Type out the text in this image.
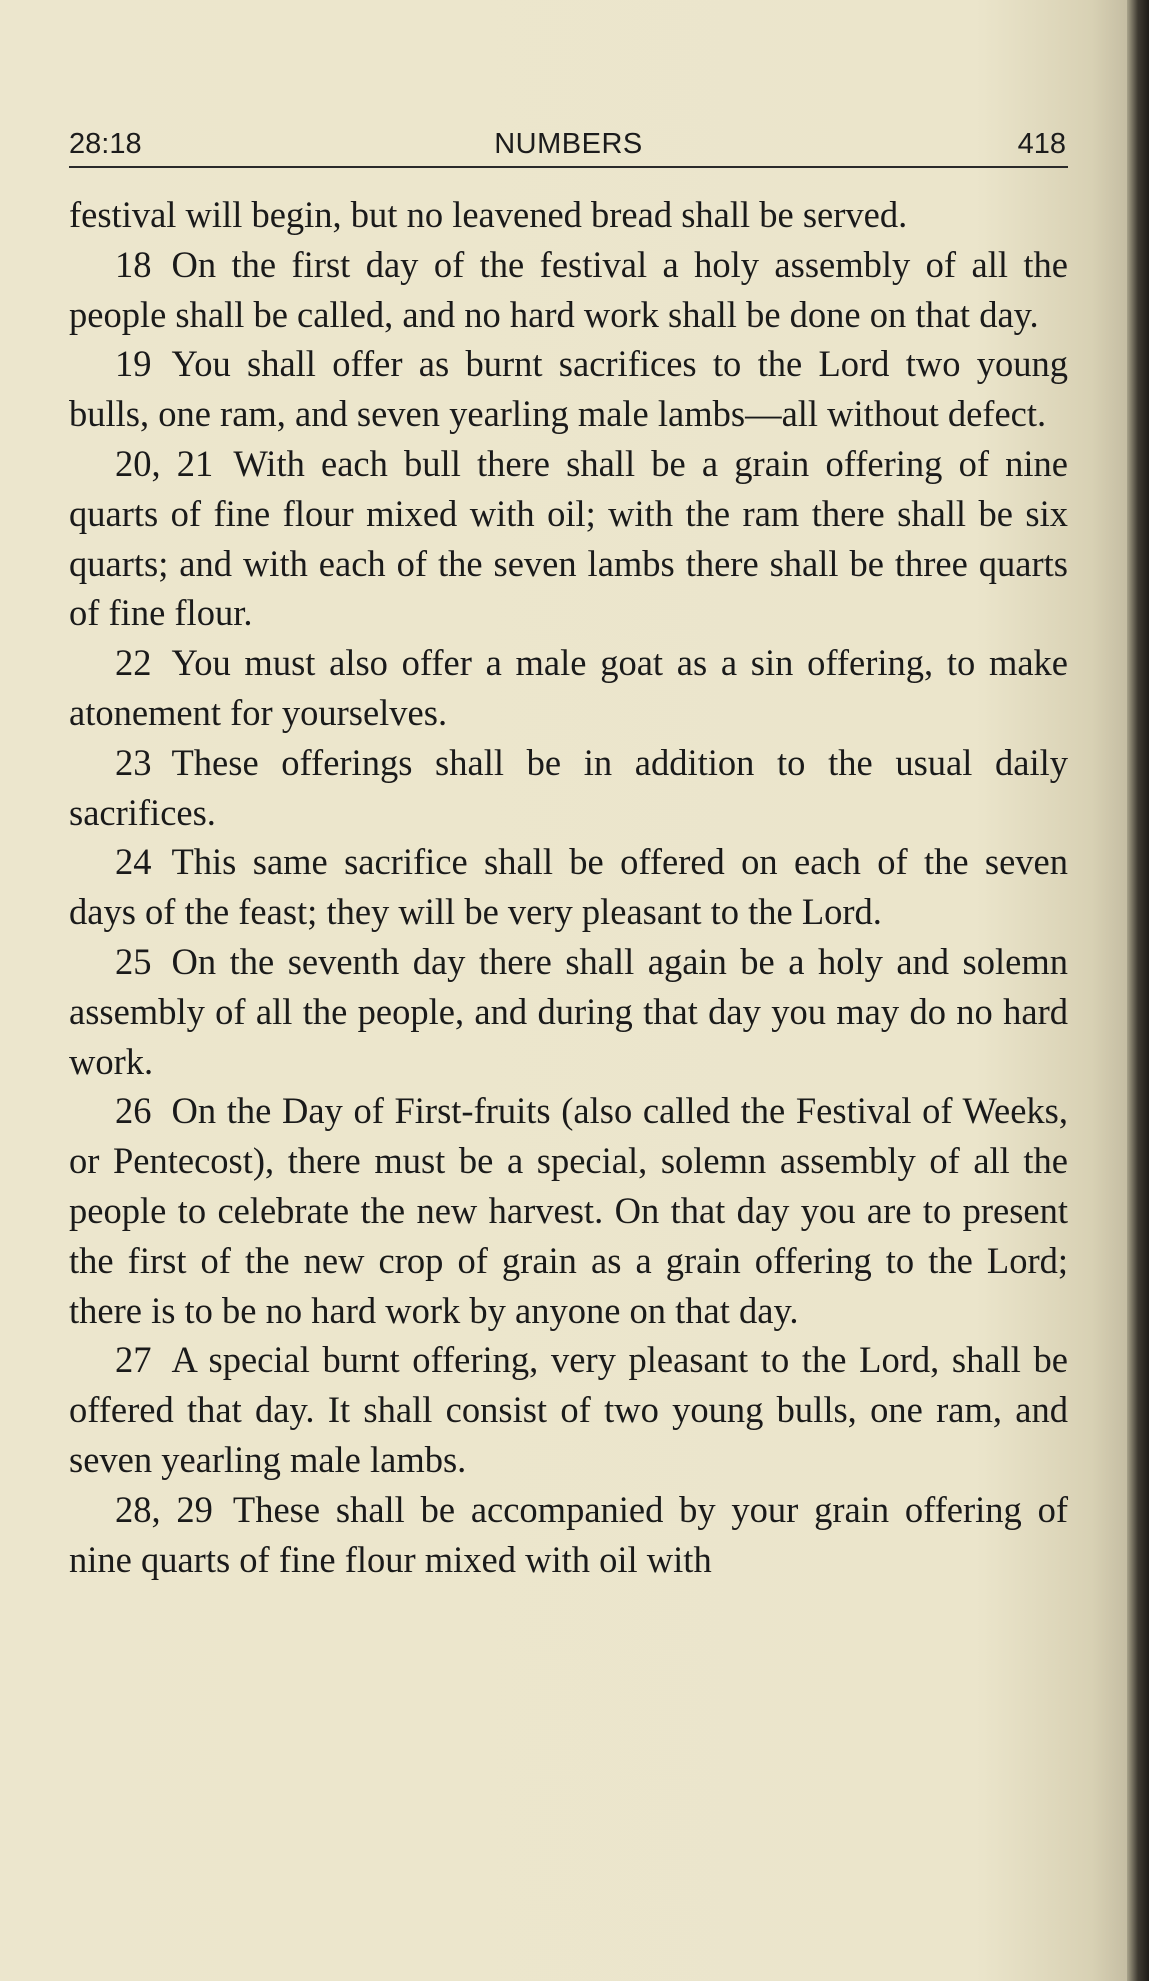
28:18	NUMBERS	418

festival will begin, but no leavened bread shall be served.

18 On the first day of the festival a holy assembly of all the people shall be called, and no hard work shall be done on that day.

19 You shall offer as burnt sacrifices to the Lord two young bulls, one ram, and seven yearling male lambs—all without defect.

20, 21 With each bull there shall be a grain offering of nine quarts of fine flour mixed with oil; with the ram there shall be six quarts; and with each of the seven lambs there shall be three quarts of fine flour.

22 You must also offer a male goat as a sin offering, to make atonement for yourselves.

23 These offerings shall be in addition to the usual daily sacrifices.

24 This same sacrifice shall be offered on each of the seven days of the feast; they will be very pleasant to the Lord.

25 On the seventh day there shall again be a holy and solemn assembly of all the people, and during that day you may do no hard work.

26 On the Day of First-fruits (also called the Festival of Weeks, or Pentecost), there must be a special, solemn assembly of all the people to celebrate the new harvest. On that day you are to present the first of the new crop of grain as a grain offering to the Lord; there is to be no hard work by anyone on that day.

27 A special burnt offering, very pleasant to the Lord, shall be offered that day. It shall consist of two young bulls, one ram, and seven yearling male lambs.

28, 29 These shall be accompanied by your grain offering of nine quarts of fine flour mixed with oil with
